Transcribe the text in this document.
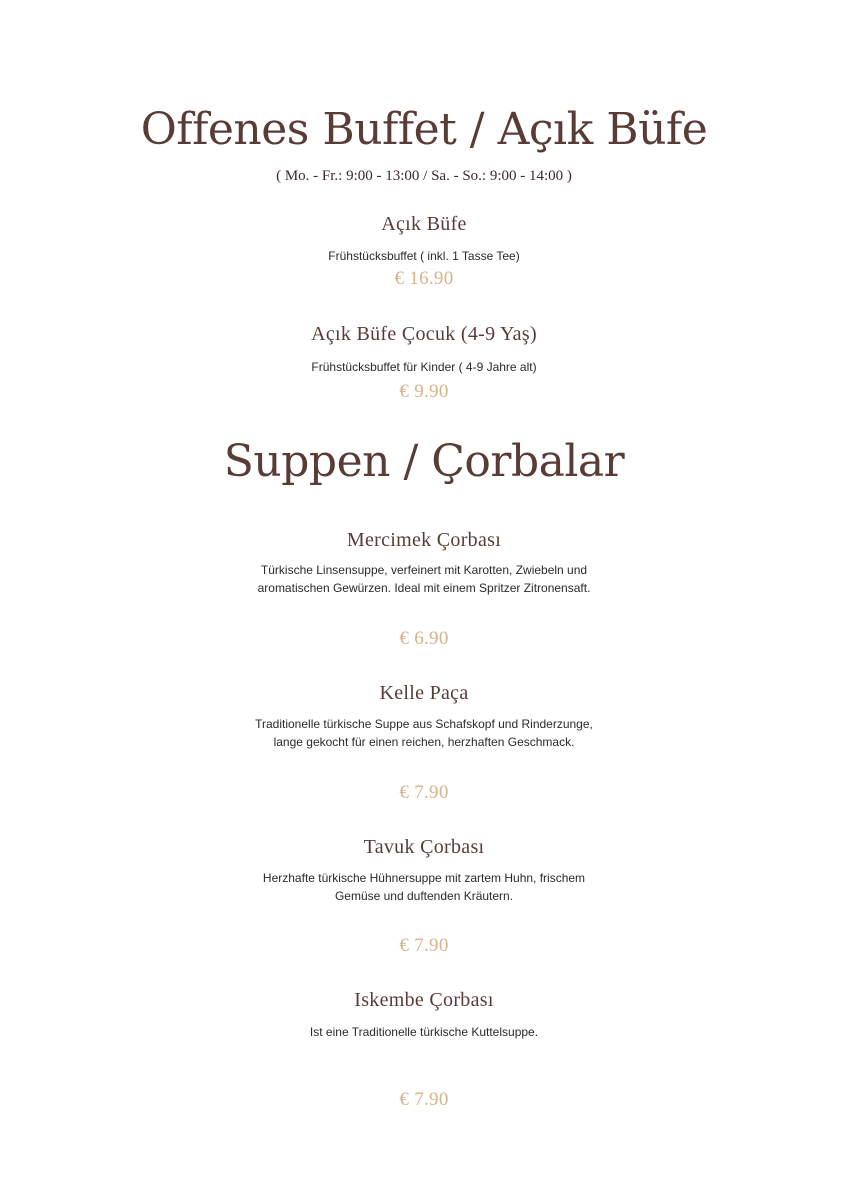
Offenes Buffet / Açık Büfe
( Mo. - Fr.: 9:00 - 13:00 / Sa. - So.: 9:00 - 14:00 )
Açık Büfe
Frühstücksbuffet ( inkl. 1 Tasse Tee)
€ 16.90
Açık Büfe Çocuk (4-9 Yaş)
Frühstücksbuffet für Kinder ( 4-9 Jahre alt)
€ 9.90
Suppen / Çorbalar
Mercimek Çorbası
Türkische Linsensuppe, verfeinert mit Karotten, Zwiebeln und
aromatischen Gewürzen. Ideal mit einem Spritzer Zitronensaft.
€ 6.90
Kelle Paça
Traditionelle türkische Suppe aus Schafskopf und Rinderzunge,
lange gekocht für einen reichen, herzhaften Geschmack.
€ 7.90
Tavuk Çorbası
Herzhafte türkische Hühnersuppe mit zartem Huhn, frischem
Gemüse und duftenden Kräutern.
€ 7.90
Iskembe Çorbası
Ist eine Traditionelle türkische Kuttelsuppe.
€ 7.90
